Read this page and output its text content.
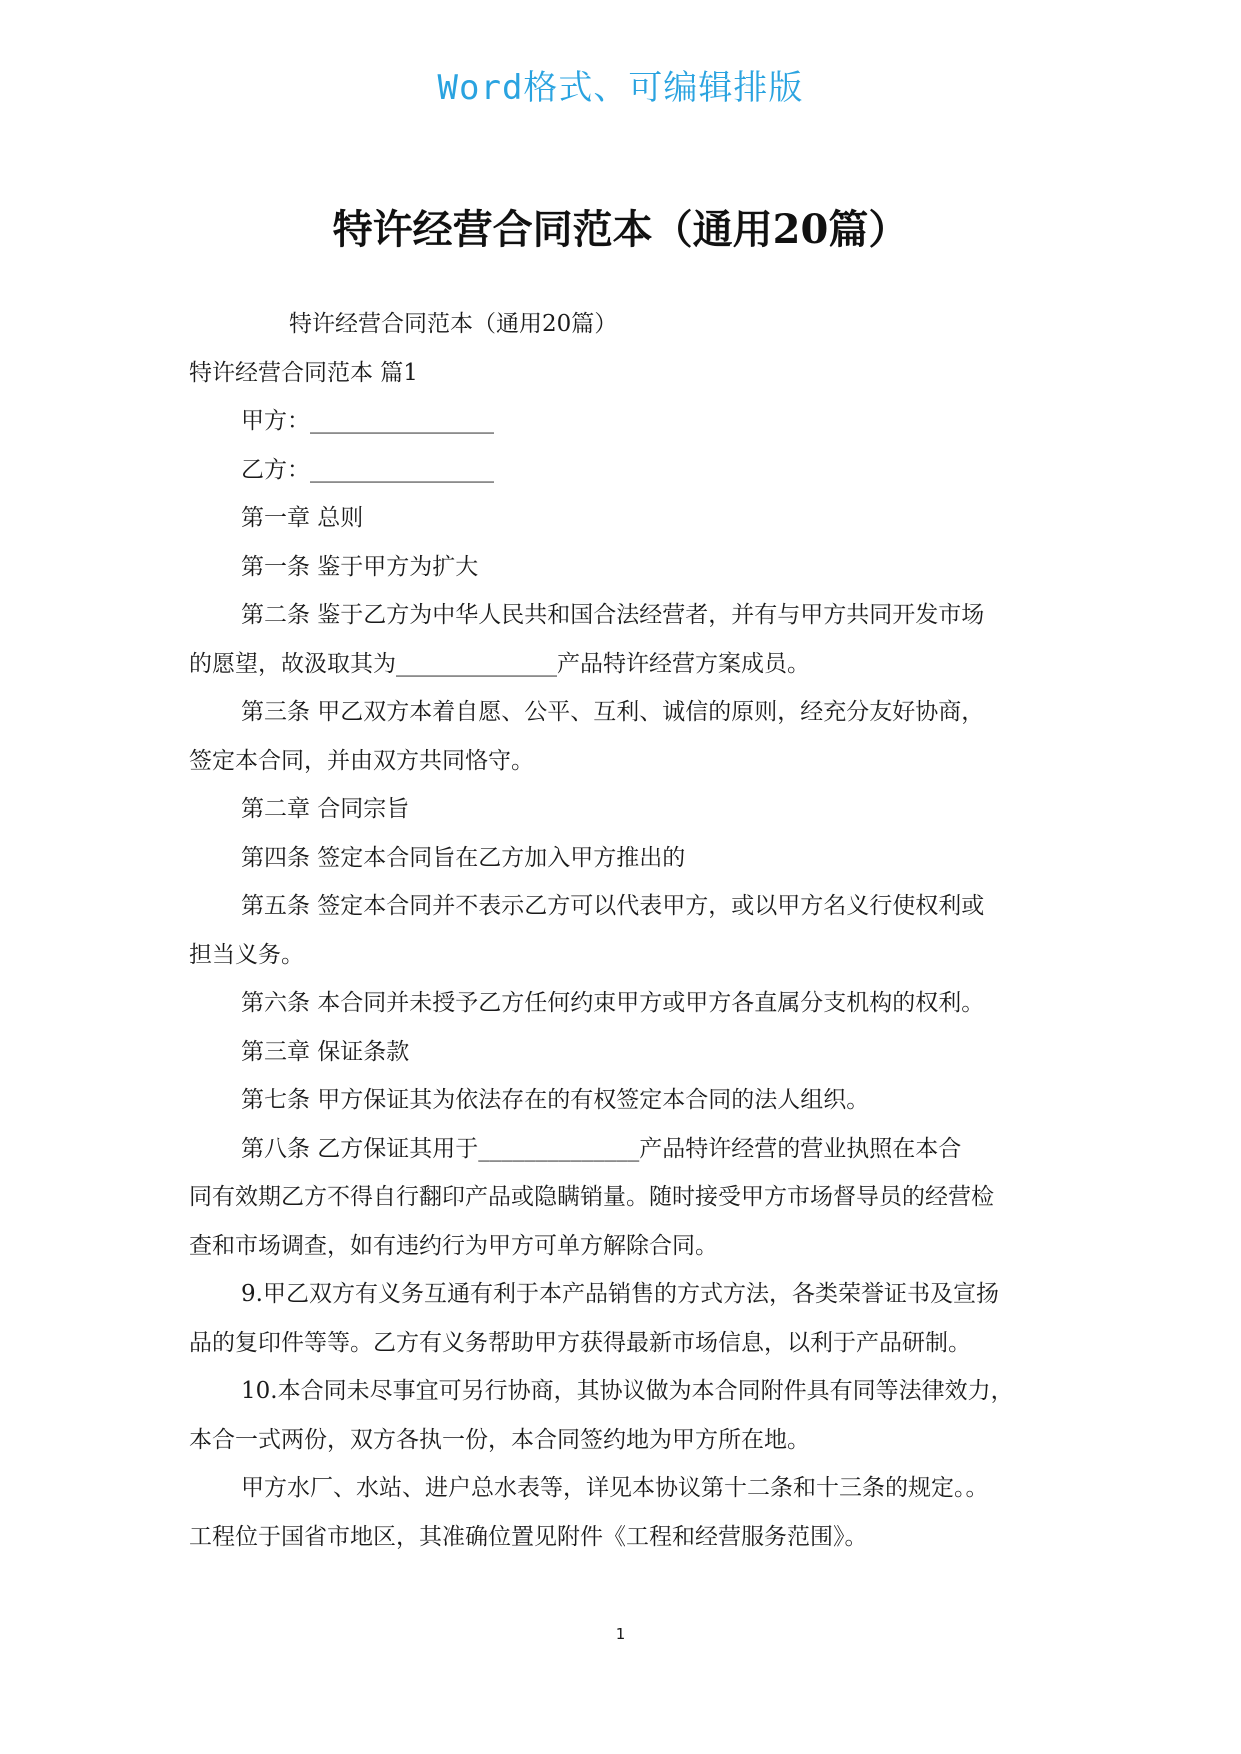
Word格式、可编辑排版
特许经营合同范本（通用20篇）
特许经营合同范本（通用20篇）
特许经营合同范本 篇1
甲方：________________
乙方：________________
第一章 总则
第一条 鉴于甲方为扩大
第二条 鉴于乙方为中华人民共和国合法经营者，并有与甲方共同开发市场
的愿望，故汲取其为______________产品特许经营方案成员。
第三条 甲乙双方本着自愿、公平、互利、诚信的原则，经充分友好协商，
签定本合同，并由双方共同恪守。
第二章 合同宗旨
第四条 签定本合同旨在乙方加入甲方推出的
第五条 签定本合同并不表示乙方可以代表甲方，或以甲方名义行使权利或
担当义务。
第六条 本合同并未授予乙方任何约束甲方或甲方各直属分支机构的权利。
第三章 保证条款
第七条 甲方保证其为依法存在的有权签定本合同的法人组织。
第八条 乙方保证其用于______________产品特许经营的营业执照在本合
同有效期乙方不得自行翻印产品或隐瞒销量。随时接受甲方市场督导员的经营检
查和市场调查，如有违约行为甲方可单方解除合同。
9.甲乙双方有义务互通有利于本产品销售的方式方法，各类荣誉证书及宣扬
品的复印件等等。乙方有义务帮助甲方获得最新市场信息，以利于产品研制。
10.本合同未尽事宜可另行协商，其协议做为本合同附件具有同等法律效力，
本合一式两份，双方各执一份，本合同签约地为甲方所在地。
甲方水厂、水站、进户总水表等，详见本协议第十二条和十三条的规定。。
工程位于国省市地区，其准确位置见附件《工程和经营服务范围》。
1
